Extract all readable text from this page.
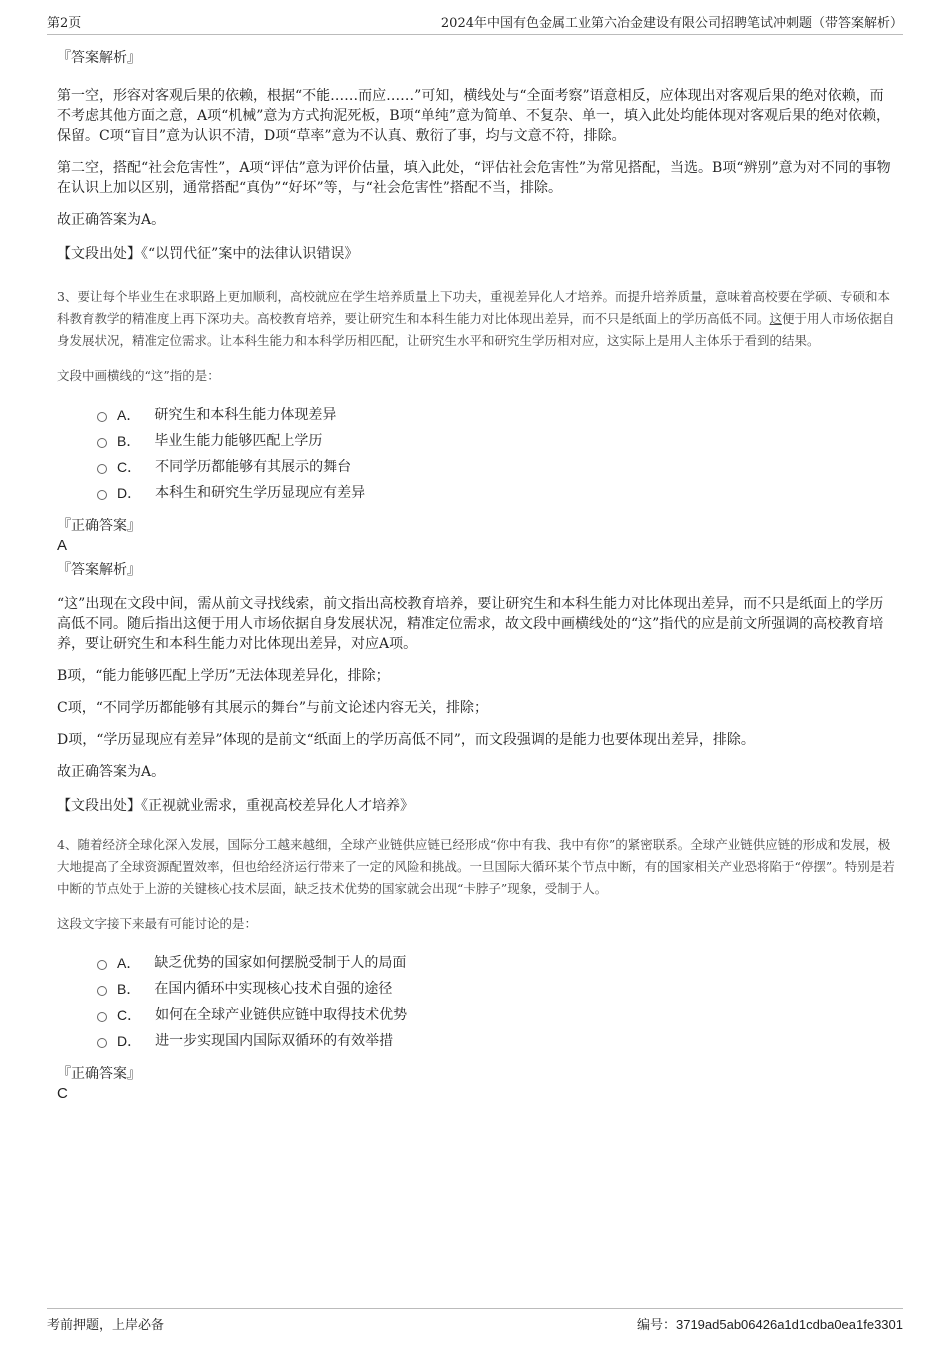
第2页	2024年中国有色金属工业第六冶金建设有限公司招聘笔试冲刺题（带答案解析）

『答案解析』

第一空，形容对客观后果的依赖，根据“不能……而应……”可知，横线处与“全面考察”语意相反，应体现出对客观后果的绝对依赖，而不考虑其他方面之意，A项“机械”意为方式拘泥死板，B项“单纯”意为简单、不复杂、单一，填入此处均能体现对客观后果的绝对依赖，保留。C项“盲目”意为认识不清，D项“草率”意为不认真、敷衍了事，均与文意不符，排除。

第二空，搭配“社会危害性”，A项“评估”意为评价估量，填入此处，“评估社会危害性”为常见搭配，当选。B项“辨别”意为对不同的事物在认识上加以区别，通常搭配“真伪”“好坏”等，与“社会危害性”搭配不当，排除。

故正确答案为A。

【文段出处】《“以罚代征”案中的法律认识错误》

3、要让每个毕业生在求职路上更加顺利，高校就应在学生培养质量上下功夫，重视差异化人才培养。而提升培养质量，意味着高校要在学硕、专硕和本科教育教学的精准度上再下深功夫。高校教育培养，要让研究生和本科生能力对比体现出差异，而不只是纸面上的学历高低不同。这便于用人市场依据自身发展状况，精准定位需求。让本科生能力和本科学历相匹配，让研究生水平和研究生学历相对应，这实际上是用人主体乐于看到的结果。

文段中画横线的“这”指的是：

A． 研究生和本科生能力体现差异
B． 毕业生能力能够匹配上学历
C． 不同学历都能够有其展示的舞台
D． 本科生和研究生学历显现应有差异

『正确答案』

A

『答案解析』

“这”出现在文段中间，需从前文寻找线索，前文指出高校教育培养，要让研究生和本科生能力对比体现出差异，而不只是纸面上的学历高低不同。随后指出这便于用人市场依据自身发展状况，精准定位需求，故文段中画横线处的“这”指代的应是前文所强调的高校教育培养，要让研究生和本科生能力对比体现出差异，对应A项。

B项，“能力能够匹配上学历”无法体现差异化，排除；

C项，“不同学历都能够有其展示的舞台”与前文论述内容无关，排除；

D项，“学历显现应有差异”体现的是前文“纸面上的学历高低不同”，而文段强调的是能力也要体现出差异，排除。

故正确答案为A。

【文段出处】《正视就业需求，重视高校差异化人才培养》

4、随着经济全球化深入发展，国际分工越来越细，全球产业链供应链已经形成“你中有我、我中有你”的紧密联系。全球产业链供应链的形成和发展，极大地提高了全球资源配置效率，但也给经济运行带来了一定的风险和挑战。一旦国际大循环某个节点中断，有的国家相关产业恐将陷于“停摆”。特别是若中断的节点处于上游的关键核心技术层面，缺乏技术优势的国家就会出现“卡脖子”现象，受制于人。

这段文字接下来最有可能讨论的是：

A． 缺乏优势的国家如何摆脱受制于人的局面
B． 在国内循环中实现核心技术自强的途径
C． 如何在全球产业链供应链中取得技术优势
D． 进一步实现国内国际双循环的有效举措

『正确答案』

C

考前押题，上岸必备	编号：3719ad5ab06426a1d1cdba0ea1fe3301
